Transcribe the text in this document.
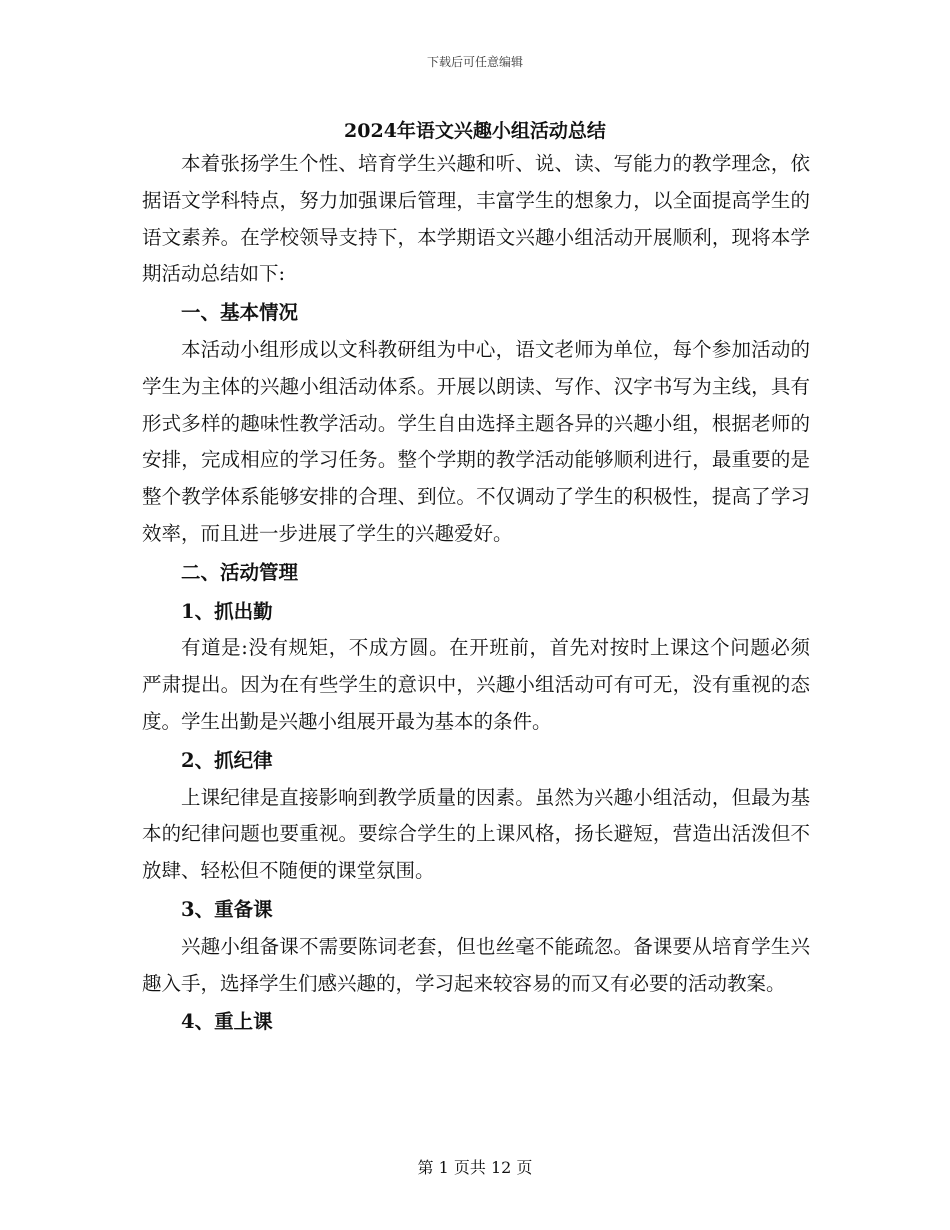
下载后可任意编辑
2024年语文兴趣小组活动总结

本着张扬学生个性、培育学生兴趣和听、说、读、写能力的教学理念，依据语文学科特点，努力加强课后管理，丰富学生的想象力，以全面提高学生的语文素养。在学校领导支持下，本学期语文兴趣小组活动开展顺利，现将本学期活动总结如下:

一、基本情况

本活动小组形成以文科教研组为中心，语文老师为单位，每个参加活动的学生为主体的兴趣小组活动体系。开展以朗读、写作、汉字书写为主线，具有形式多样的趣味性教学活动。学生自由选择主题各异的兴趣小组，根据老师的安排，完成相应的学习任务。整个学期的教学活动能够顺利进行，最重要的是整个教学体系能够安排的合理、到位。不仅调动了学生的积极性，提高了学习效率，而且进一步进展了学生的兴趣爱好。

二、活动管理

1、抓出勤

有道是:没有规矩，不成方圆。在开班前，首先对按时上课这个问题必须严肃提出。因为在有些学生的意识中，兴趣小组活动可有可无，没有重视的态度。学生出勤是兴趣小组展开最为基本的条件。

2、抓纪律

上课纪律是直接影响到教学质量的因素。虽然为兴趣小组活动，但最为基本的纪律问题也要重视。要综合学生的上课风格，扬长避短，营造出活泼但不放肆、轻松但不随便的课堂氛围。

3、重备课

兴趣小组备课不需要陈词老套，但也丝毫不能疏忽。备课要从培育学生兴趣入手，选择学生们感兴趣的，学习起来较容易的而又有必要的活动教案。

4、重上课

第 1 页共 12 页
